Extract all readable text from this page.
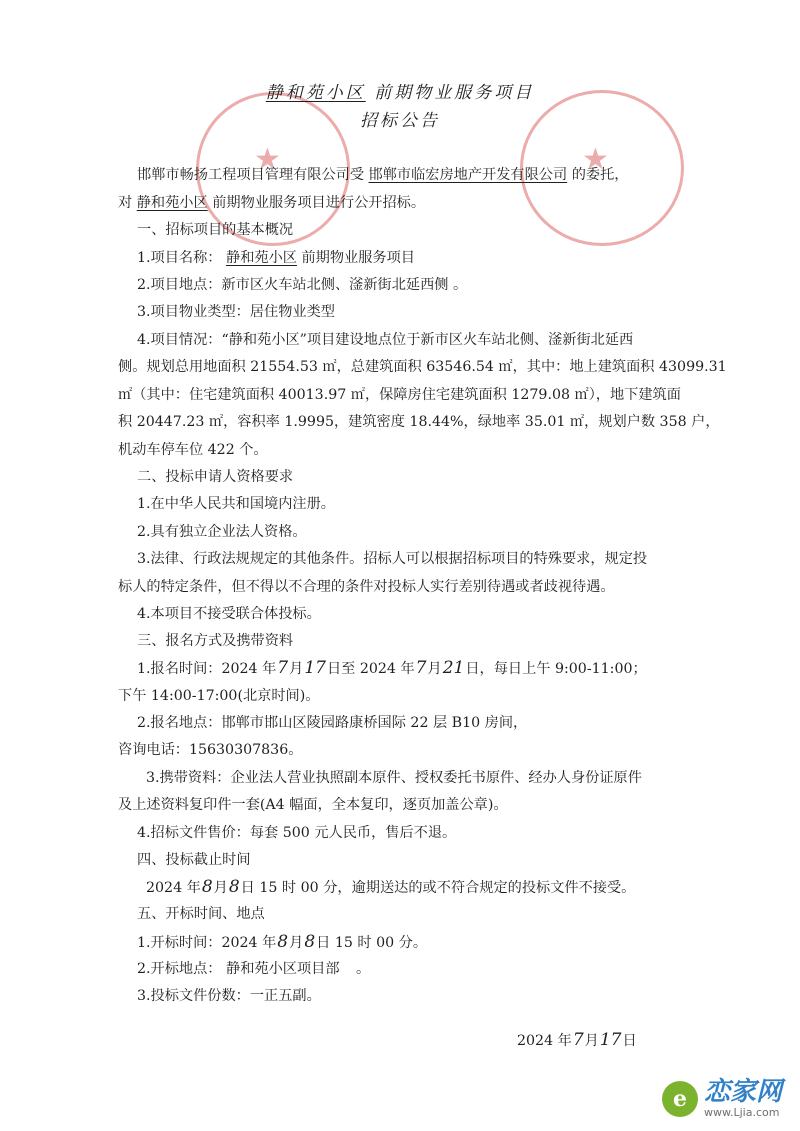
★	★
静和苑小区 前期物业服务项目
招标公告
邯郸市畅扬工程项目管理有限公司受 邯郸市临宏房地产开发有限公司 的委托，
对 静和苑小区 前期物业服务项目进行公开招标。
一、招标项目的基本概况
1.项目名称： 静和苑小区 前期物业服务项目
2.项目地点：新市区火车站北侧、滏新街北延西侧 。
3.项目物业类型：居住物业类型
4.项目情况：“静和苑小区”项目建设地点位于新市区火车站北侧、滏新街北延西
侧。规划总用地面积 21554.53 ㎡，总建筑面积 63546.54 ㎡，其中：地上建筑面积 43099.31
㎡（其中：住宅建筑面积 40013.97 ㎡，保障房住宅建筑面积 1279.08 ㎡），地下建筑面
积 20447.23 ㎡，容积率 1.9995，建筑密度 18.44%，绿地率 35.01 ㎡，规划户数 358 户，
机动车停车位 422 个。
二、投标申请人资格要求
1.在中华人民共和国境内注册。
2.具有独立企业法人资格。
3.法律、行政法规规定的其他条件。招标人可以根据招标项目的特殊要求，规定投
标人的特定条件，但不得以不合理的条件对投标人实行差别待遇或者歧视待遇。
4.本项目不接受联合体投标。
三、报名方式及携带资料
1.报名时间：2024 年7月17日至 2024 年7月21日，每日上午 9:00-11:00；
下午 14:00-17:00(北京时间)。
2.报名地点：邯郸市邯山区陵园路康桥国际 22 层 B10 房间，
咨询电话：15630307836。
3.携带资料：企业法人营业执照副本原件、授权委托书原件、经办人身份证原件
及上述资料复印件一套(A4 幅面，全本复印，逐页加盖公章)。
4.招标文件售价：每套 500 元人民币，售后不退。
四、投标截止时间
2024 年8月8日 15 时 00 分，逾期送达的或不符合规定的投标文件不接受。
五、开标时间、地点
1.开标时间：2024 年8月8日 15 时 00 分。
2.开标地点： 静和苑小区项目部 。
3.投标文件份数：一正五副。
2024 年7月17日
e 恋家网
www.Ljia.com
